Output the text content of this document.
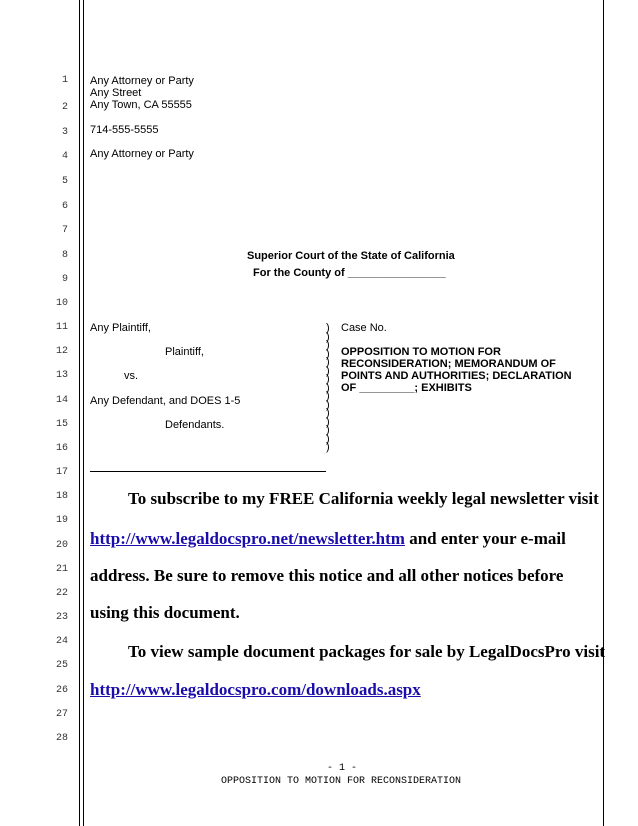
1
2
3
4
5
6
7
8
9
10
11
12
13
14
15
16
17
18
19
20
21
22
23
24
25
26
27
28
Any Attorney or Party
Any Street
Any Town, CA 55555
714-555-5555
Any Attorney or Party
Superior Court of the State of California
For the County of ________________
Any Plaintiff,
Plaintiff,
vs.
Any Defendant, and DOES 1-5
Defendants.
)
)
)
)
)
)
)
)
)
)
)
)
)
)
)
Case No.
OPPOSITION TO MOTION FOR
RECONSIDERATION; MEMORANDUM OF
POINTS AND AUTHORITIES; DECLARATION
OF _________; EXHIBITS
To subscribe to my FREE California weekly legal newsletter visit
http://www.legaldocspro.net/newsletter.htm and enter your e-mail
address. Be sure to remove this notice and all other notices before
using this document.
To view sample document packages for sale by LegalDocsPro visit
http://www.legaldocspro.com/downloads.aspx
- 1 -
OPPOSITION TO MOTION FOR RECONSIDERATION
